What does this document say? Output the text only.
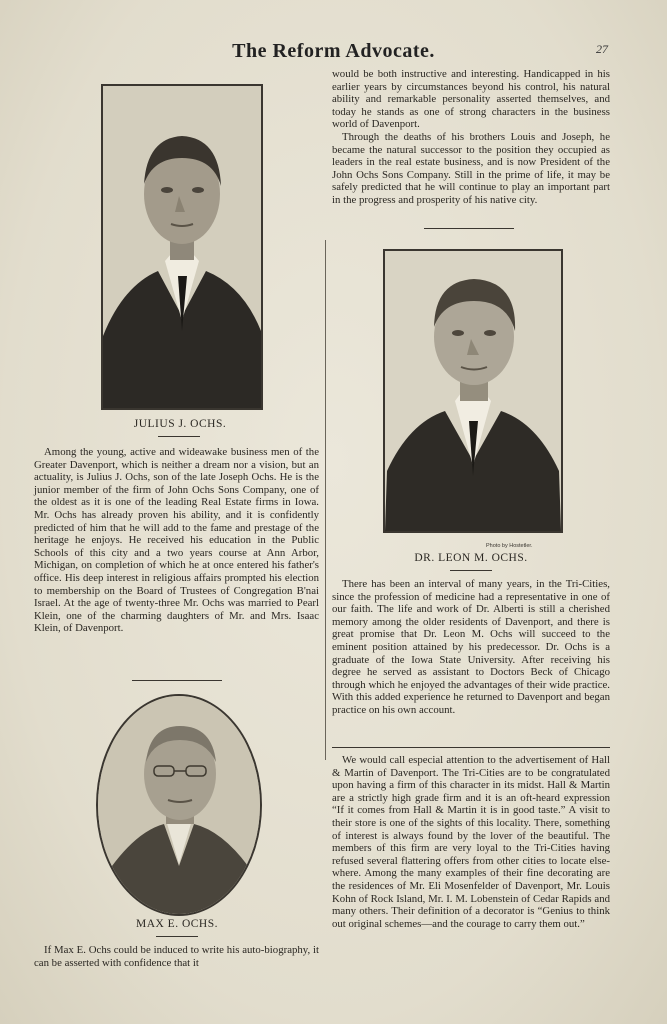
The Reform Advocate.	27
JULIUS J. OCHS.

Among the young, active and wideawake business men of the Greater Davenport, which is neither a dream nor a vision, but an actuality, is Julius J. Ochs, son of the late Joseph Ochs. He is the junior member of the firm of John Ochs Sons Company, one of the oldest as it is one of the leading Real Estate firms in Iowa. Mr. Ochs has already proven his ability, and it is confidently predicted of him that he will add to the fame and prestage of the heritage he enjoys. He received his education in the Public Schools of this city and a two years course at Ann Arbor, Michigan, on completion of which he at once entered his father's office. His deep interest in religious affairs prompted his election to membership on the Board of Trustees of Congregation B'nai Israel. At the age of twenty-three Mr. Ochs was married to Pearl Klein, one of the charming daughters of Mr. and Mrs. Isaac Klein, of Davenport.

MAX E. OCHS.

If Max E. Ochs could be induced to write his auto-biography, it can be asserted with confidence that it

would be both instructive and interesting. Handicapped in his earlier years by circumstances beyond his control, his natural ability and remarkable personality asserted themselves, and today he stands as one of strong characters in the business world of Davenport.

Through the deaths of his brothers Louis and Joseph, he became the natural successor to the position they occupied as leaders in the real estate business, and is now President of the John Ochs Sons Company. Still in the prime of life, it may be safely predicted that he will continue to play an important part in the progress and prosperity of his native city.

Photo by Hostetler.
DR. LEON M. OCHS.

There has been an interval of many years, in the Tri-Cities, since the profession of medicine had a representative in one of our faith. The life and work of Dr. Alberti is still a cherished memory among the older residents of Davenport, and there is great promise that Dr. Leon M. Ochs will succeed to the eminent position attained by his predecessor. Dr. Ochs is a graduate of the Iowa State University. After receiving his degree he served as assistant to Doctors Beck of Chicago through which he enjoyed the advantages of their wide practice. With this added experience he returned to Davenport and began practice on his own account.

We would call especial attention to the advertisement of Hall & Martin of Davenport. The Tri-Cities are to be congratulated upon having a firm of this character in its midst. Hall & Martin are a strictly high grade firm and it is an oft-heard expression “If it comes from Hall & Martin it is in good taste.” A visit to their store is one of the sights of this locality. There, something of interest is always found by the lover of the beautiful. The members of this firm are very loyal to the Tri-Cities having refused several flattering offers from other cities to locate else-where. Among the many examples of their fine decorating are the residences of Mr. Eli Mosenfelder of Davenport, Mr. Louis Kohn of Rock Island, Mr. I. M. Lobenstein of Cedar Rapids and many others. Their definition of a decorator is “Genius to think out original schemes—and the courage to carry them out.”
